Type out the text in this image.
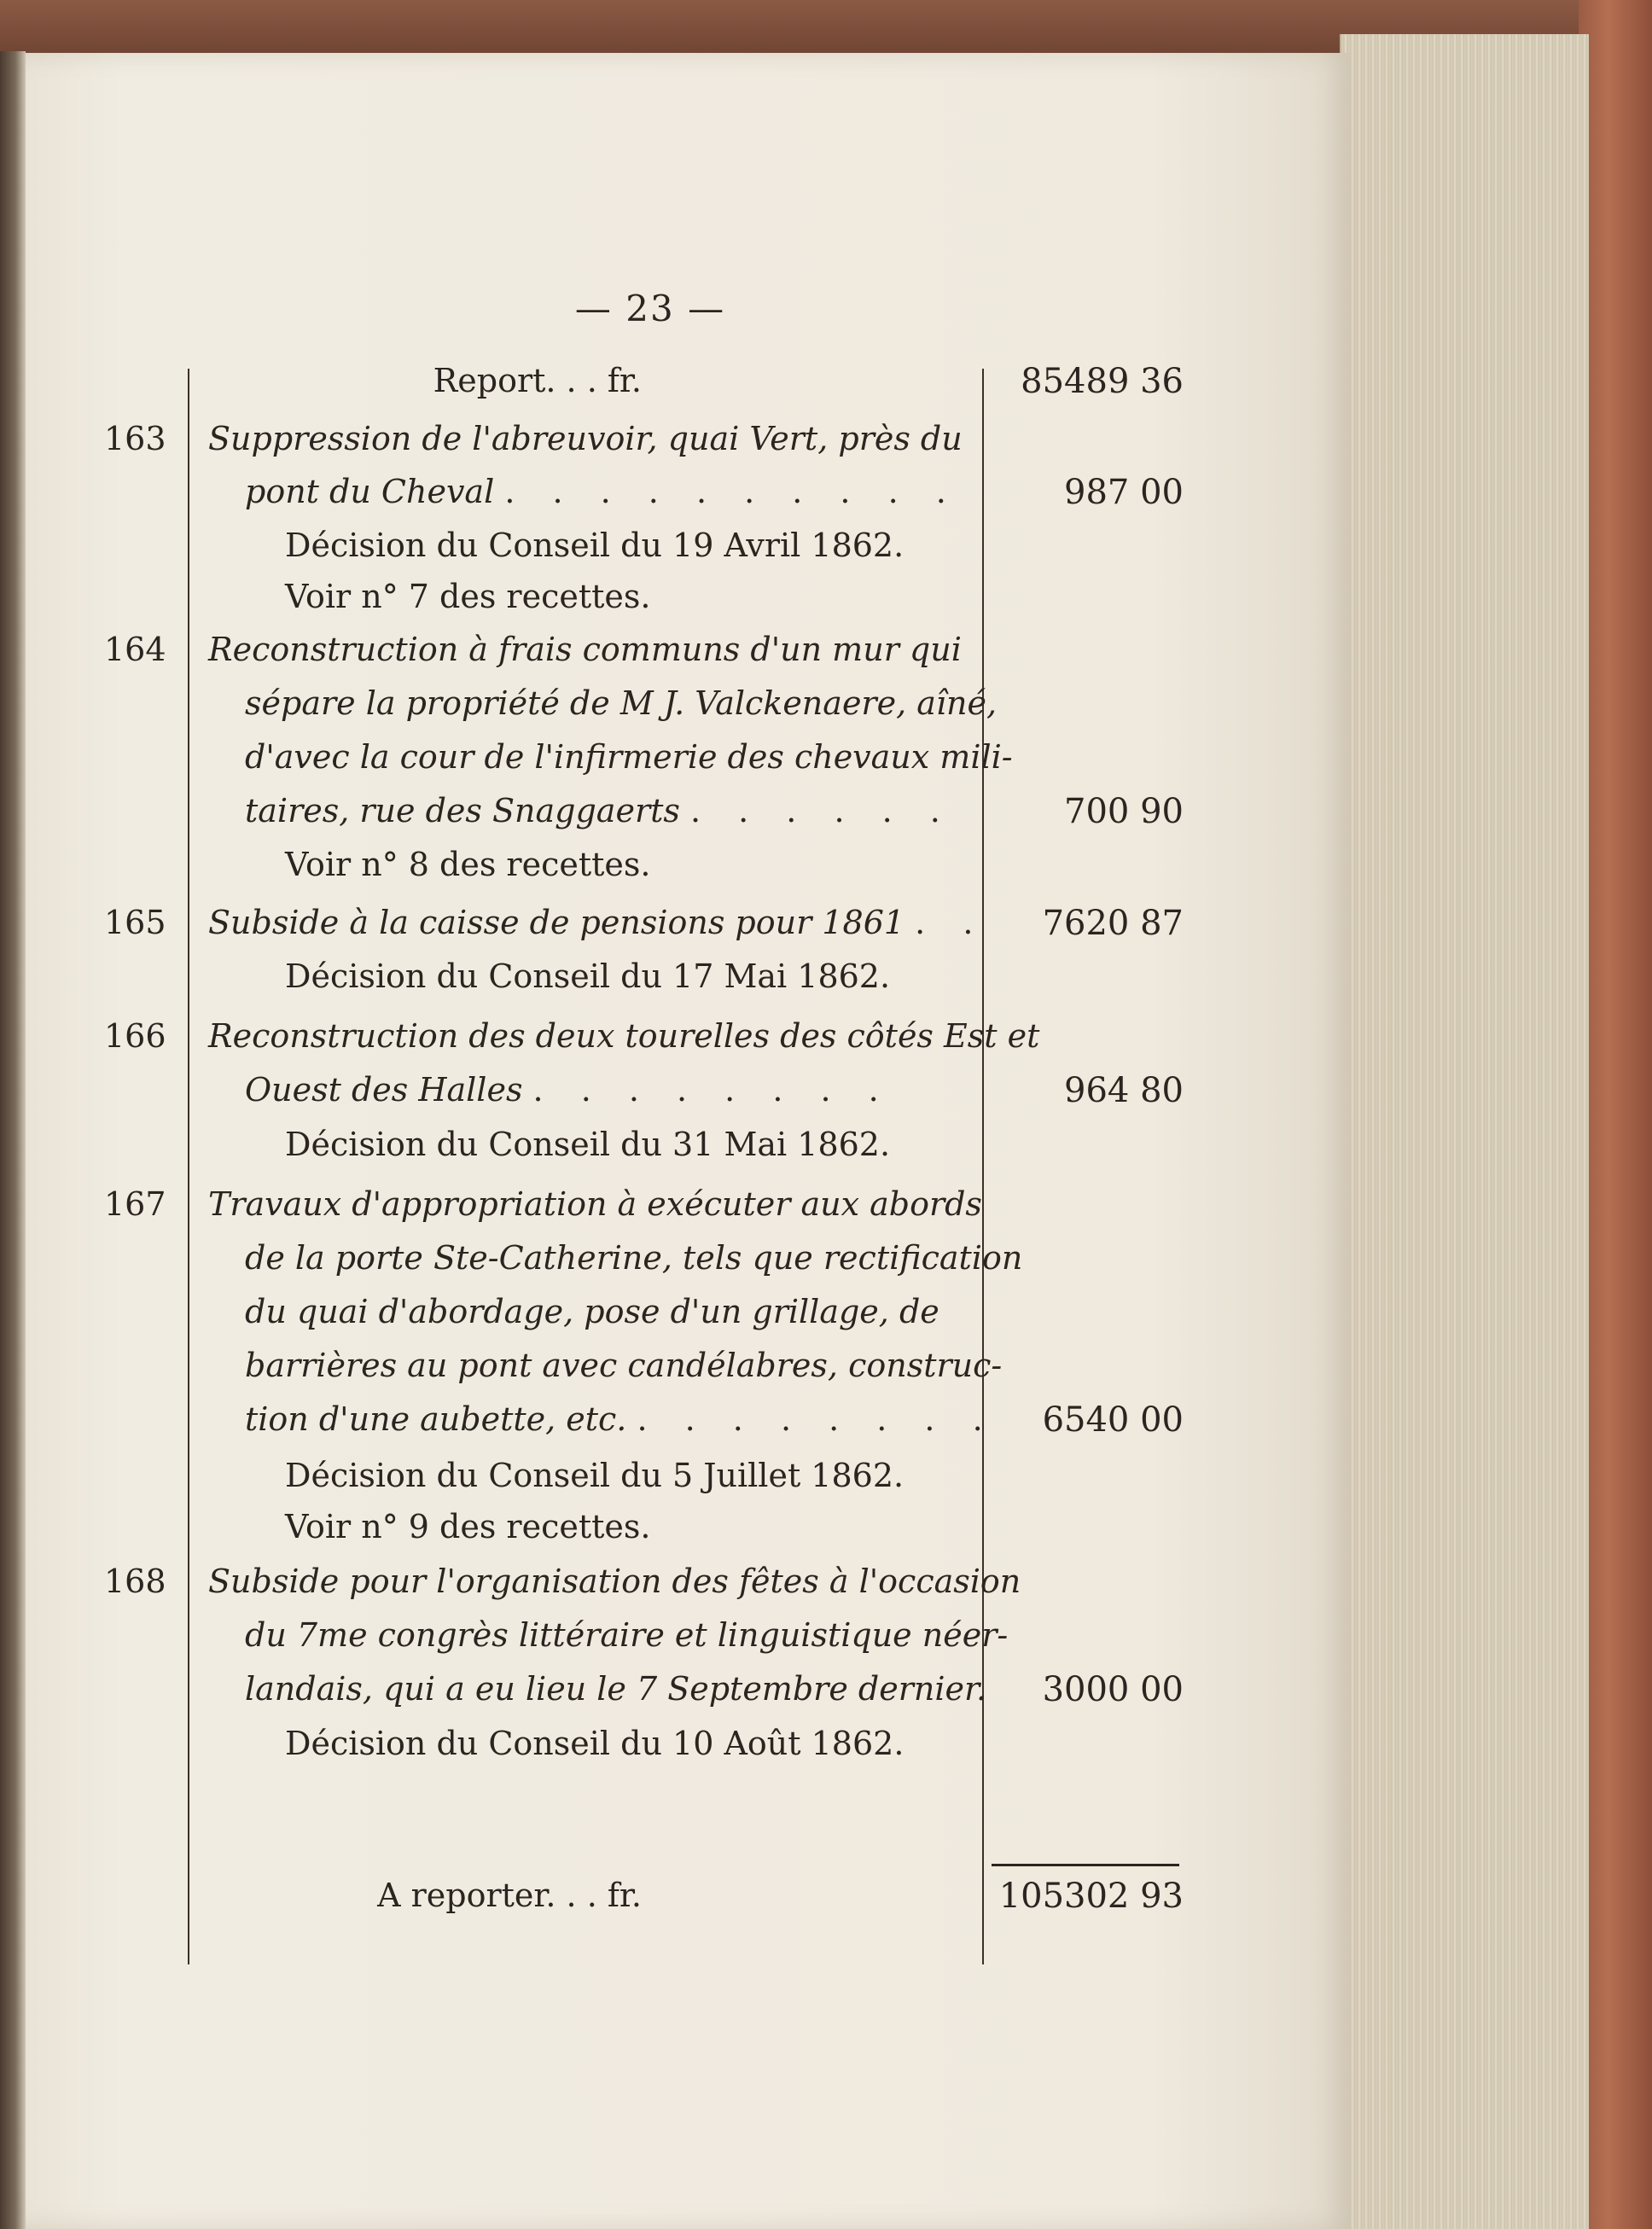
— 23 —
Report. . . fr.	85489 36
163 Suppression de l'abreuvoir, quai Vert, près du
pont du Cheval . . . . . . . . . .	987 00
Décision du Conseil du 19 Avril 1862.
Voir n° 7 des recettes.
164 Reconstruction à frais communs d'un mur qui
sépare la propriété de M J. Valckenaere, aîné,
d'avec la cour de l'infirmerie des chevaux mili-
taires, rue des Snaggaerts . . . . . .	700 90
Voir n° 8 des recettes.
165 Subside à la caisse de pensions pour 1861 . .	7620 87
Décision du Conseil du 17 Mai 1862.
166 Reconstruction des deux tourelles des côtés Est et
Ouest des Halles . . . . . . . .	964 80
Décision du Conseil du 31 Mai 1862.
167 Travaux d'appropriation à exécuter aux abords
de la porte Ste-Catherine, tels que rectification
du quai d'abordage, pose d'un grillage, de
barrières au pont avec candélabres, construc-
tion d'une aubette, etc. . . . . . . . .	6540 00
Décision du Conseil du 5 Juillet 1862.
Voir n° 9 des recettes.
168 Subside pour l'organisation des fêtes à l'occasion
du 7me congrès littéraire et linguistique néer-
landais, qui a eu lieu le 7 Septembre dernier.	3000 00
Décision du Conseil du 10 Août 1862.
A reporter. . . fr.	105302 93
